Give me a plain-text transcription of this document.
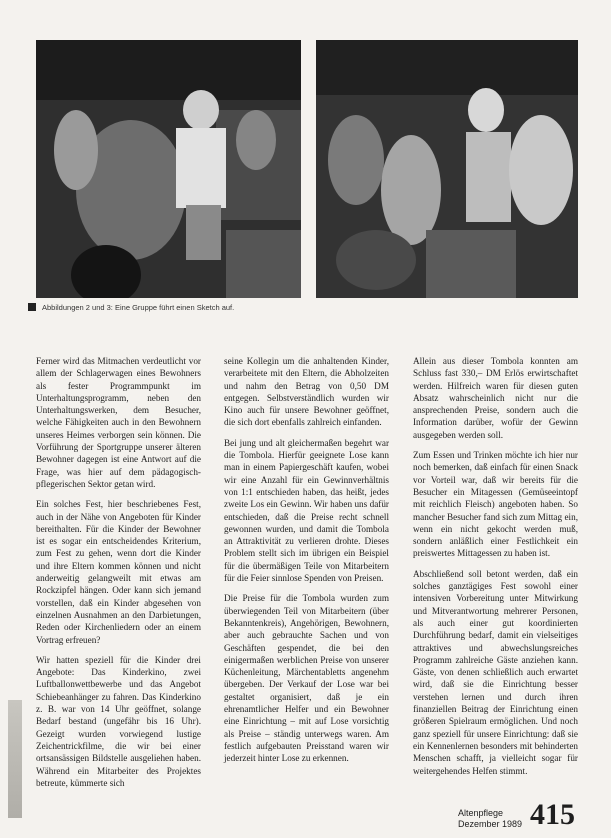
Abbildungen 2 und 3: Eine Gruppe führt einen Sketch auf.

Ferner wird das Mitmachen verdeutlicht vor allem der Schlagerwagen eines Bewohners als fester Programmpunkt im Unterhaltungsprogramm, neben den Unterhaltungswerken, dem Besucher, welche Fähigkeiten auch in den Bewohnern unseres Heimes verborgen sein können. Die Vorführung der Sportgruppe unserer älteren Bewohner dagegen ist eine Antwort auf die Frage, was hier auf dem pädagogisch-pflegerischen Sektor getan wird.

Ein solches Fest, hier beschriebenes Fest, auch in der Nähe von Angeboten für Kinder bereithalten. Für die Kinder der Bewohner ist es sogar ein entscheidendes Kriterium, zum Fest zu gehen, wenn dort die Kinder und ihre Eltern kommen können und nicht anderweitig gelangweilt mit etwas am Rockzipfel hängen. Oder kann sich jemand vorstellen, daß ein Kinder abgesehen von einzelnen Ausnahmen an den Darbietungen, Reden oder Kirchenliedern oder an einem Vortrag erfreuen?

Wir hatten speziell für die Kinder drei Angebote: Das Kinderkino, zwei Luftballonwettbewerbe und das Angebot Schiebeanhänger zu fahren. Das Kinderkino z. B. war von 14 Uhr geöffnet, solange Bedarf bestand (ungefähr bis 16 Uhr). Gezeigt wurden vorwiegend lustige Zeichentrickfilme, die wir bei einer ortsansässigen Bildstelle ausgeliehen haben. Während ein Mitarbeiter des Projektes betreute, kümmerte sich

seine Kollegin um die anhaltenden Kinder, verarbeitete mit den Eltern, die Abholzeiten und nahm den Betrag von 0,50 DM entgegen. Selbstverständlich wurden wir Kino auch für unsere Bewohner geöffnet, die sich dort ebenfalls zahlreich einfanden.

Bei jung und alt gleichermaßen begehrt war die Tombola. Hierfür geeignete Lose kann man in einem Papiergeschäft kaufen, wobei wir eine Anzahl für ein Gewinnverhältnis von 1:1 entschieden haben, das heißt, jedes zweite Los ein Gewinn. Wir haben uns dafür entschieden, daß die Preise recht schnell gewonnen wurden, und damit die Tombola an Attraktivität zu verlieren drohte. Dieses Problem stellt sich im übrigen ein Beispiel für die übermäßigen Teile von Mitarbeitern für die Feier sinnlose Spenden von Preisen.

Die Preise für die Tombola wurden zum überwiegenden Teil von Mitarbeitern (über Bekanntenkreis), Angehörigen, Bewohnern, aber auch gebrauchte Sachen und von Geschäften gespendet, die bei den einigermaßen werblichen Preise von unserer Küchenleitung, Märchentabletts angenehm übergeben. Der Verkauf der Lose war bei gestaltet organisiert, daß je ein ehrenamtlicher Helfer und ein Bewohner eine Einrichtung – mit auf Lose vorsichtig als Preise – ständig unterwegs waren. Am festlich aufgebauten Preisstand waren wir jederzeit hinter Lose zu erkennen.

Allein aus dieser Tombola konnten am Schluss fast 330,– DM Erlös erwirtschaftet werden. Hilfreich waren für diesen guten Absatz wahrscheinlich nicht nur die ansprechenden Preise, sondern auch die Information darüber, wofür der Gewinn ausgegeben werden soll.

Zum Essen und Trinken möchte ich hier nur noch bemerken, daß einfach für einen Snack vor Vorteil war, daß wir bereits für die Besucher ein Mitagessen (Gemüseeintopf mit reichlich Fleisch) angeboten haben. So mancher Besucher fand sich zum Mittag ein, wenn ein nicht gekocht werden muß, sondern anläßlich einer Festlichkeit ein preiswertes Mittagessen zu haben ist.

Abschließend soll betont werden, daß ein solches ganztägiges Fest sowohl einer intensiven Vorbereitung unter Mitwirkung und Mitverantwortung mehrerer Personen, als auch einer gut koordinierten Durchführung bedarf, damit ein vielseitiges attraktives und abwechslungsreiches Programm zahlreiche Gäste anziehen kann. Gäste, von denen schließlich auch erwartet wird, daß sie die Einrichtung besser verstehen lernen und durch ihren finanziellen Beitrag der Einrichtung einen größeren Spielraum ermöglichen. Und noch ganz speziell für unsere Einrichtung: daß sie ein Kennenlernen besonders mit behinderten Menschen schafft, ja vielleicht sogar für weitergehendes Helfen stimmt.

Altenpflege
Dezember 1989 415
